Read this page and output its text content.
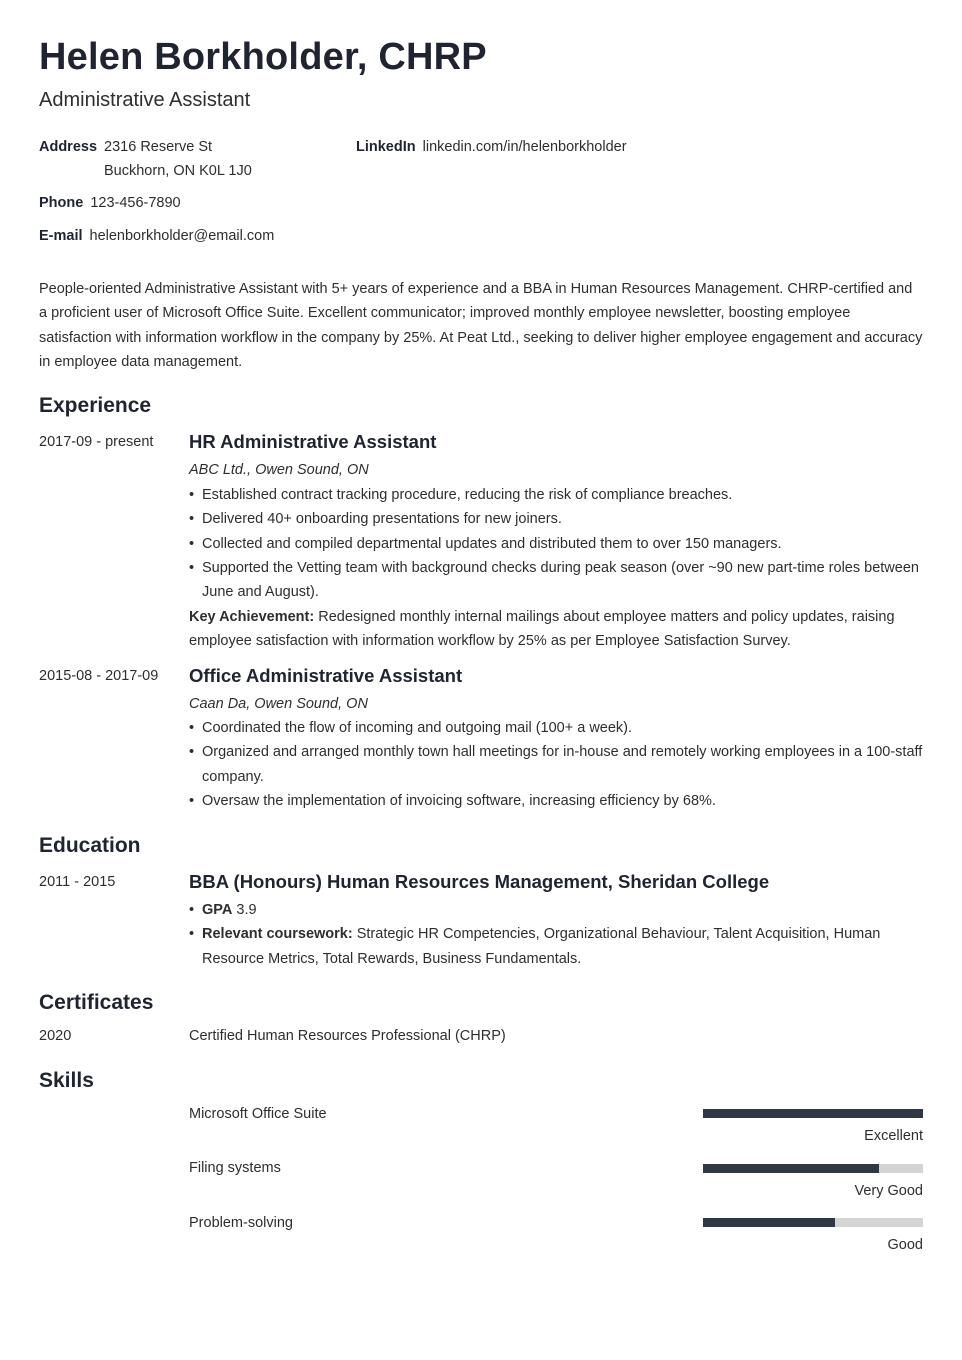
Helen Borkholder, CHRP
Administrative Assistant
Address 2316 Reserve St
Buckhorn, ON K0L 1J0
LinkedIn linkedin.com/in/helenborkholder
Phone 123-456-7890
E-mail helenborkholder@email.com
People-oriented Administrative Assistant with 5+ years of experience and a BBA in Human Resources Management. CHRP-certified and a proficient user of Microsoft Office Suite. Excellent communicator; improved monthly employee newsletter, boosting employee satisfaction with information workflow in the company by 25%. At Peat Ltd., seeking to deliver higher employee engagement and accuracy in employee data management.
Experience
2017-09 - present HR Administrative Assistant
ABC Ltd., Owen Sound, ON
• Established contract tracking procedure, reducing the risk of compliance breaches.
• Delivered 40+ onboarding presentations for new joiners.
• Collected and compiled departmental updates and distributed them to over 150 managers.
• Supported the Vetting team with background checks during peak season (over ~90 new part-time roles between June and August).
Key Achievement: Redesigned monthly internal mailings about employee matters and policy updates, raising employee satisfaction with information workflow by 25% as per Employee Satisfaction Survey.
2015-08 - 2017-09 Office Administrative Assistant
Caan Da, Owen Sound, ON
• Coordinated the flow of incoming and outgoing mail (100+ a week).
• Organized and arranged monthly town hall meetings for in-house and remotely working employees in a 100-staff company.
• Oversaw the implementation of invoicing software, increasing efficiency by 68%.
Education
2011 - 2015	BBA (Honours) Human Resources Management, Sheridan College
• GPA 3.9
• Relevant coursework: Strategic HR Competencies, Organizational Behaviour, Talent Acquisition, Human Resource Metrics, Total Rewards, Business Fundamentals.
Certificates
2020	Certified Human Resources Professional (CHRP)
Skills
Microsoft Office Suite
Excellent
Filing systems
Very Good
Problem-solving
Good
